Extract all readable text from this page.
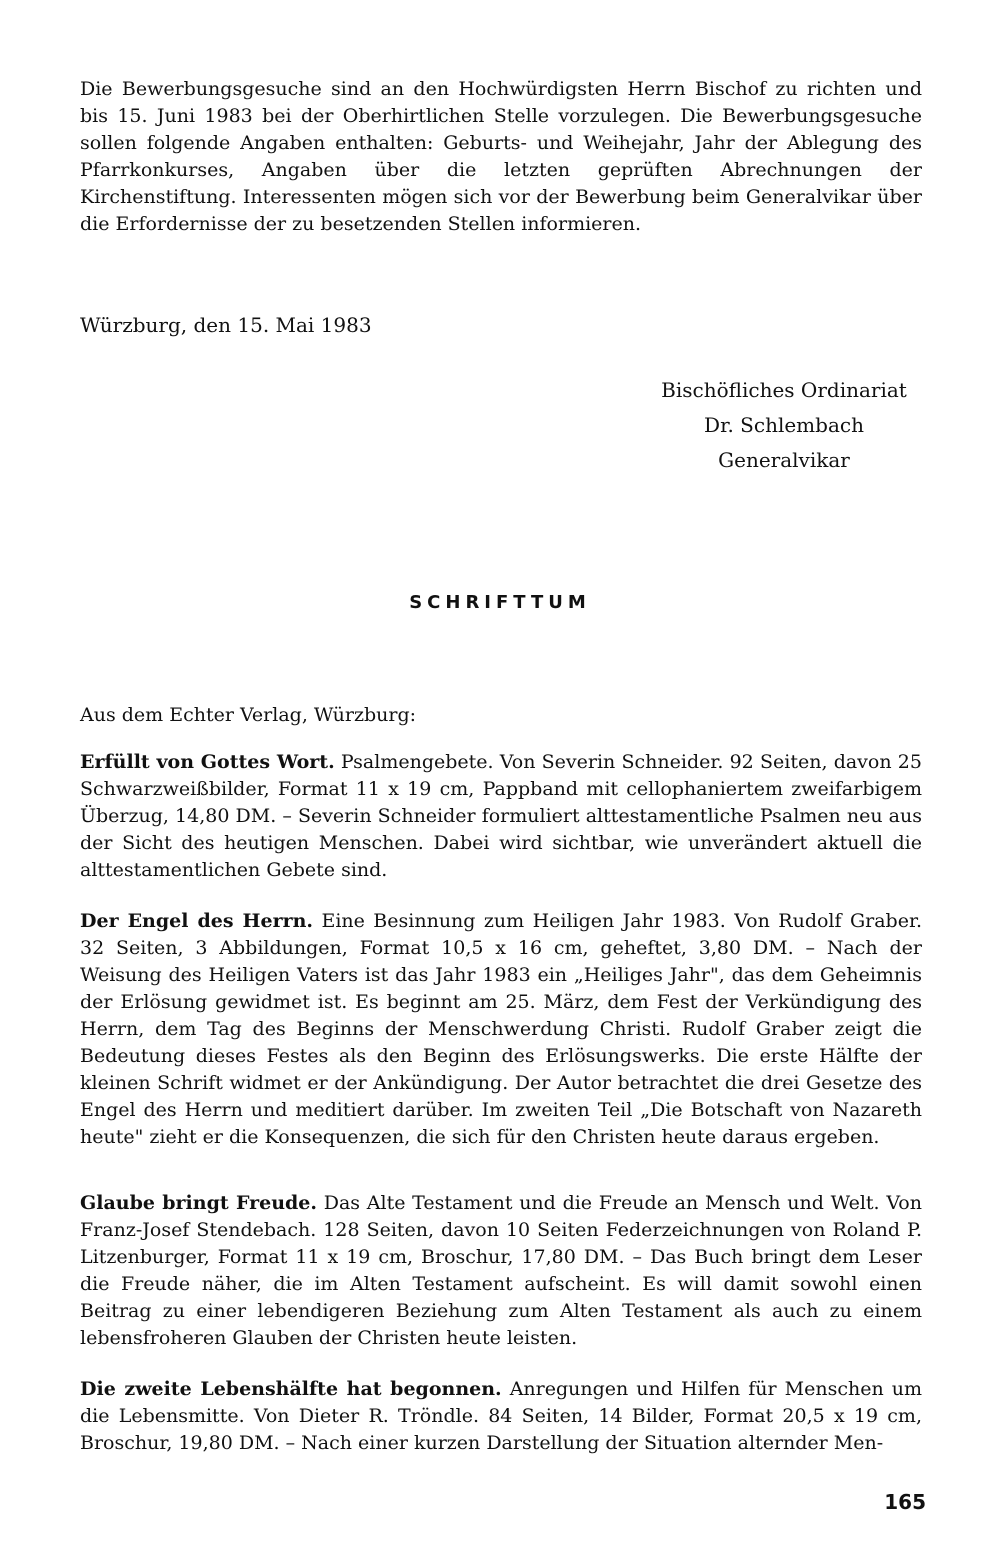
Die Bewerbungsgesuche sind an den Hochwürdigsten Herrn Bischof zu richten und bis 15. Juni 1983 bei der Oberhirtlichen Stelle vorzulegen. Die Bewerbungsgesuche sollen folgende Angaben enthalten: Geburts- und Weihejahr, Jahr der Ablegung des Pfarrkonkurses, Angaben über die letzten geprüften Abrechnungen der Kirchenstiftung. Interessenten mögen sich vor der Bewerbung beim Generalvikar über die Erfordernisse der zu besetzenden Stellen informieren.
Würzburg, den 15. Mai 1983
Bischöfliches Ordinariat
Dr. Schlembach
Generalvikar
SCHRIFTTUM
Aus dem Echter Verlag, Würzburg:
Erfüllt von Gottes Wort. Psalmengebete. Von Severin Schneider. 92 Seiten, davon 25 Schwarzweißbilder, Format 11 x 19 cm, Pappband mit cellophaniertem zweifarbigem Überzug, 14,80 DM. – Severin Schneider formuliert alttestamentliche Psalmen neu aus der Sicht des heutigen Menschen. Dabei wird sichtbar, wie unverändert aktuell die alttestamentlichen Gebete sind.
Der Engel des Herrn. Eine Besinnung zum Heiligen Jahr 1983. Von Rudolf Graber. 32 Seiten, 3 Abbildungen, Format 10,5 x 16 cm, geheftet, 3,80 DM. – Nach der Weisung des Heiligen Vaters ist das Jahr 1983 ein „Heiliges Jahr", das dem Geheimnis der Erlösung gewidmet ist. Es beginnt am 25. März, dem Fest der Verkündigung des Herrn, dem Tag des Beginns der Menschwerdung Christi. Rudolf Graber zeigt die Bedeutung dieses Festes als den Beginn des Erlösungswerks. Die erste Hälfte der kleinen Schrift widmet er der Ankündigung. Der Autor betrachtet die drei Gesetze des Engel des Herrn und meditiert darüber. Im zweiten Teil „Die Botschaft von Nazareth heute" zieht er die Konsequenzen, die sich für den Christen heute daraus ergeben.
Glaube bringt Freude. Das Alte Testament und die Freude an Mensch und Welt. Von Franz-Josef Stendebach. 128 Seiten, davon 10 Seiten Federzeichnungen von Roland P. Litzenburger, Format 11 x 19 cm, Broschur, 17,80 DM. – Das Buch bringt dem Leser die Freude näher, die im Alten Testament aufscheint. Es will damit sowohl einen Beitrag zu einer lebendigeren Beziehung zum Alten Testament als auch zu einem lebensfroheren Glauben der Christen heute leisten.
Die zweite Lebenshälfte hat begonnen. Anregungen und Hilfen für Menschen um die Lebensmitte. Von Dieter R. Tröndle. 84 Seiten, 14 Bilder, Format 20,5 x 19 cm, Broschur, 19,80 DM. – Nach einer kurzen Darstellung der Situation alternder Men-
165
